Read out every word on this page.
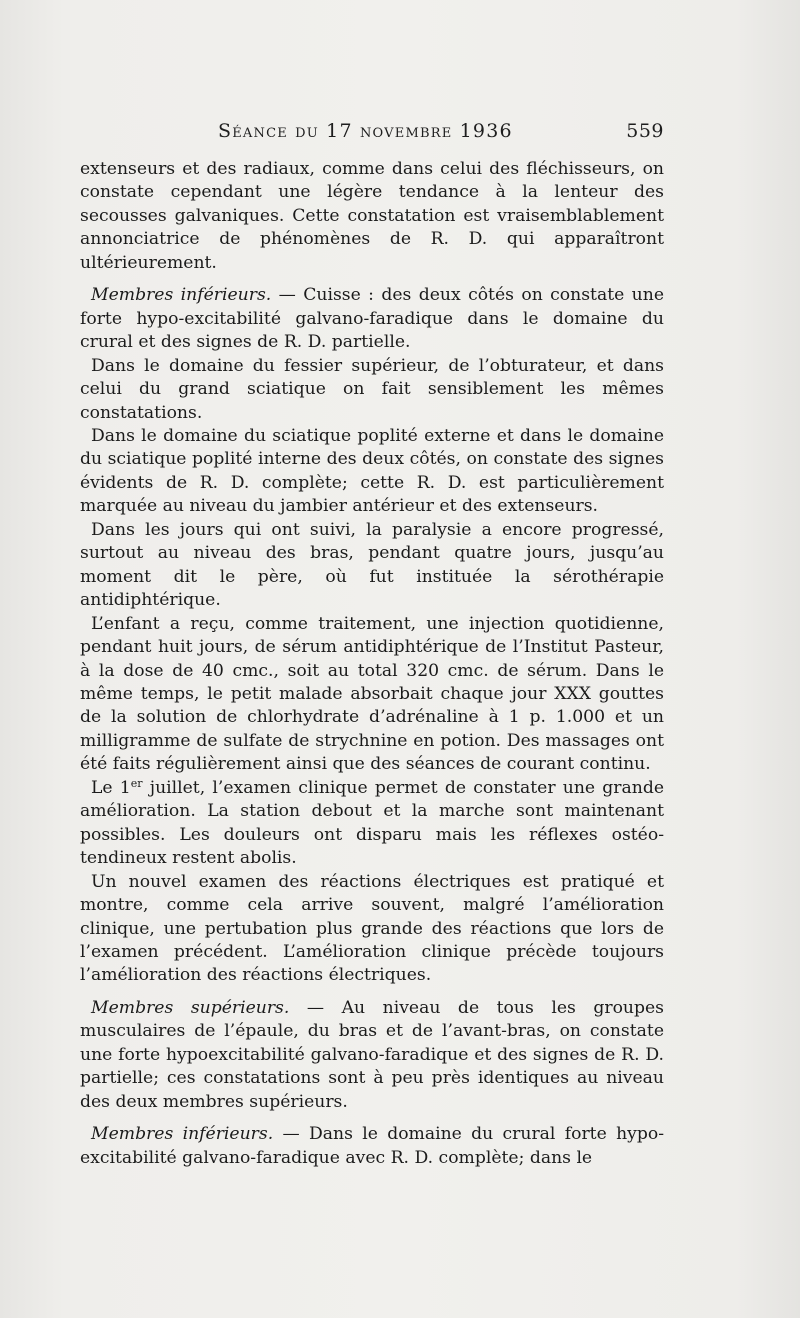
Séance du 17 novembre 1936	559

extenseurs et des radiaux, comme dans celui des fléchisseurs, on constate cependant une légère tendance à la lenteur des secousses galvaniques. Cette constatation est vraisemblablement annonciatrice de phénomènes de R. D. qui apparaîtront ultérieurement.

Membres inférieurs. — Cuisse : des deux côtés on constate une forte hypo-excitabilité galvano-faradique dans le domaine du crural et des signes de R. D. partielle.

Dans le domaine du fessier supérieur, de l’obturateur, et dans celui du grand sciatique on fait sensiblement les mêmes constatations.

Dans le domaine du sciatique poplité externe et dans le domaine du sciatique poplité interne des deux côtés, on constate des signes évidents de R. D. complète; cette R. D. est particulièrement marquée au niveau du jambier antérieur et des extenseurs.

Dans les jours qui ont suivi, la paralysie a encore progressé, surtout au niveau des bras, pendant quatre jours, jusqu’au moment dit le père, où fut instituée la sérothérapie antidiphtérique.

L’enfant a reçu, comme traitement, une injection quotidienne, pendant huit jours, de sérum antidiphtérique de l’Institut Pasteur, à la dose de 40 cmc., soit au total 320 cmc. de sérum. Dans le même temps, le petit malade absorbait chaque jour XXX gouttes de la solution de chlorhydrate d’adrénaline à 1 p. 1.000 et un milligramme de sulfate de strychnine en potion. Des massages ont été faits régulièrement ainsi que des séances de courant continu.

Le 1er juillet, l’examen clinique permet de constater une grande amélioration. La station debout et la marche sont maintenant possibles. Les douleurs ont disparu mais les réflexes ostéo-tendineux restent abolis.

Un nouvel examen des réactions électriques est pratiqué et montre, comme cela arrive souvent, malgré l’amélioration clinique, une pertubation plus grande des réactions que lors de l’examen précédent. L’amélioration clinique précède toujours l’amélioration des réactions électriques.

Membres supérieurs. — Au niveau de tous les groupes musculaires de l’épaule, du bras et de l’avant-bras, on constate une forte hypoexcitabilité galvano-faradique et des signes de R. D. partielle; ces constatations sont à peu près identiques au niveau des deux membres supérieurs.

Membres inférieurs. — Dans le domaine du crural forte hypo-excitabilité galvano-faradique avec R. D. complète; dans le
